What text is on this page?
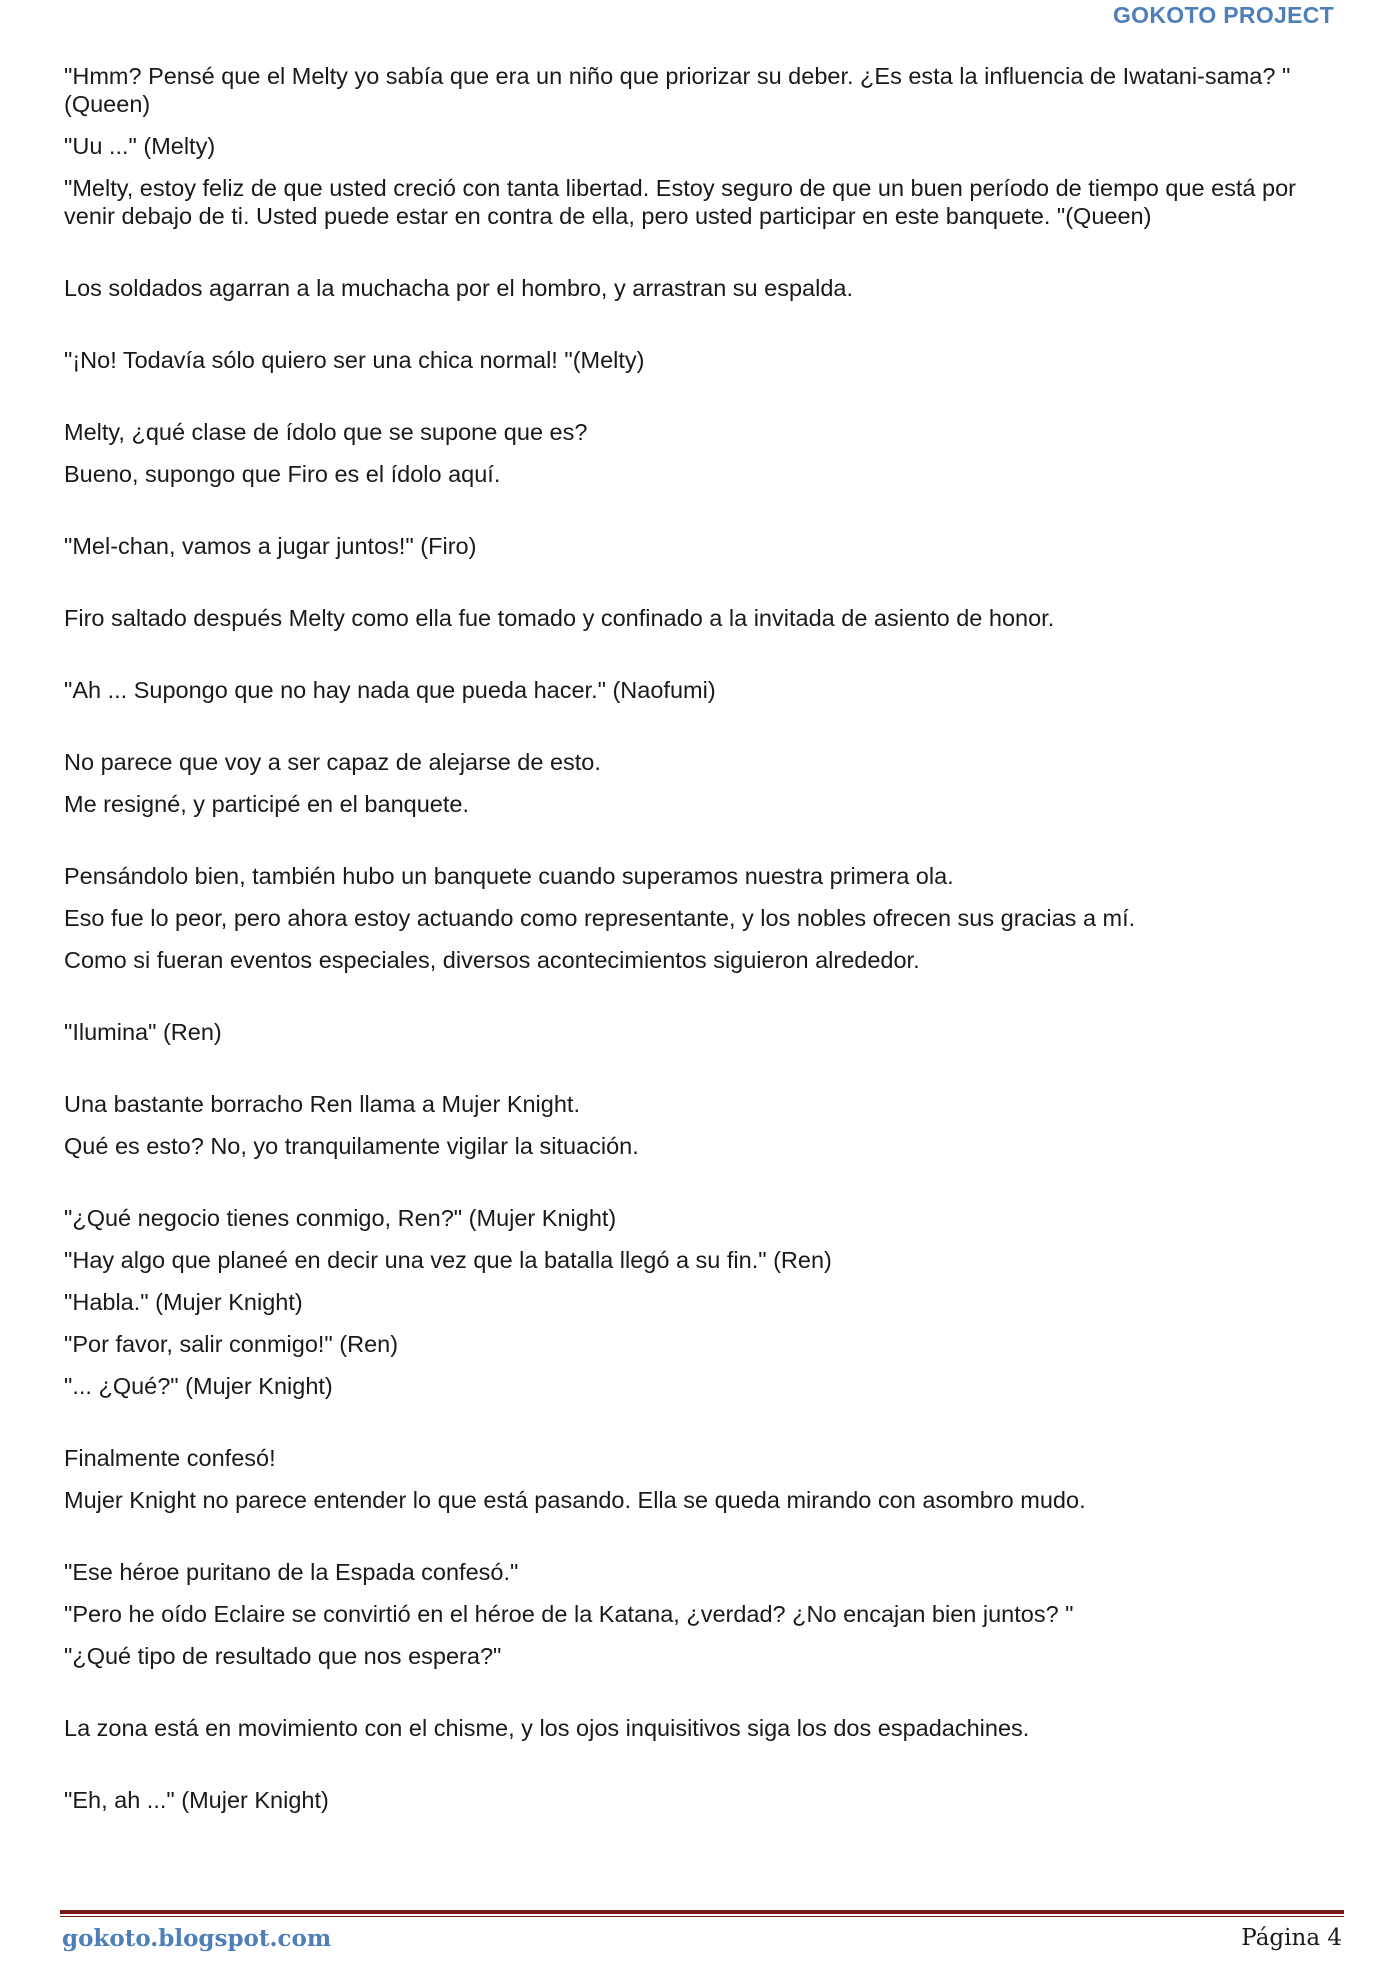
GOKOTO PROJECT

"Hmm? Pensé que el Melty yo sabía que era un niño que priorizar su deber. ¿Es esta la influencia de Iwatani-sama? "(Queen)

"Uu ..." (Melty)

"Melty, estoy feliz de que usted creció con tanta libertad. Estoy seguro de que un buen período de tiempo que está por venir debajo de ti. Usted puede estar en contra de ella, pero usted participar en este banquete. "(Queen)

Los soldados agarran a la muchacha por el hombro, y arrastran su espalda.

"¡No! Todavía sólo quiero ser una chica normal! "(Melty)

Melty, ¿qué clase de ídolo que se supone que es?

Bueno, supongo que Firo es el ídolo aquí.

"Mel-chan, vamos a jugar juntos!" (Firo)

Firo saltado después Melty como ella fue tomado y confinado a la invitada de asiento de honor.

"Ah ... Supongo que no hay nada que pueda hacer." (Naofumi)

No parece que voy a ser capaz de alejarse de esto.

Me resigné, y participé en el banquete.

Pensándolo bien, también hubo un banquete cuando superamos nuestra primera ola.

Eso fue lo peor, pero ahora estoy actuando como representante, y los nobles ofrecen sus gracias a mí.

Como si fueran eventos especiales, diversos acontecimientos siguieron alrededor.

"Ilumina" (Ren)

Una bastante borracho Ren llama a Mujer Knight.

Qué es esto? No, yo tranquilamente vigilar la situación.

"¿Qué negocio tienes conmigo, Ren?" (Mujer Knight)

"Hay algo que planeé en decir una vez que la batalla llegó a su fin." (Ren)

"Habla." (Mujer Knight)

"Por favor, salir conmigo!" (Ren)

"... ¿Qué?" (Mujer Knight)

Finalmente confesó!

Mujer Knight no parece entender lo que está pasando. Ella se queda mirando con asombro mudo.

"Ese héroe puritano de la Espada confesó."

"Pero he oído Eclaire se convirtió en el héroe de la Katana, ¿verdad? ¿No encajan bien juntos? "

"¿Qué tipo de resultado que nos espera?"

La zona está en movimiento con el chisme, y los ojos inquisitivos siga los dos espadachines.

"Eh, ah ..." (Mujer Knight)

gokoto.blogspot.com	Página 4
